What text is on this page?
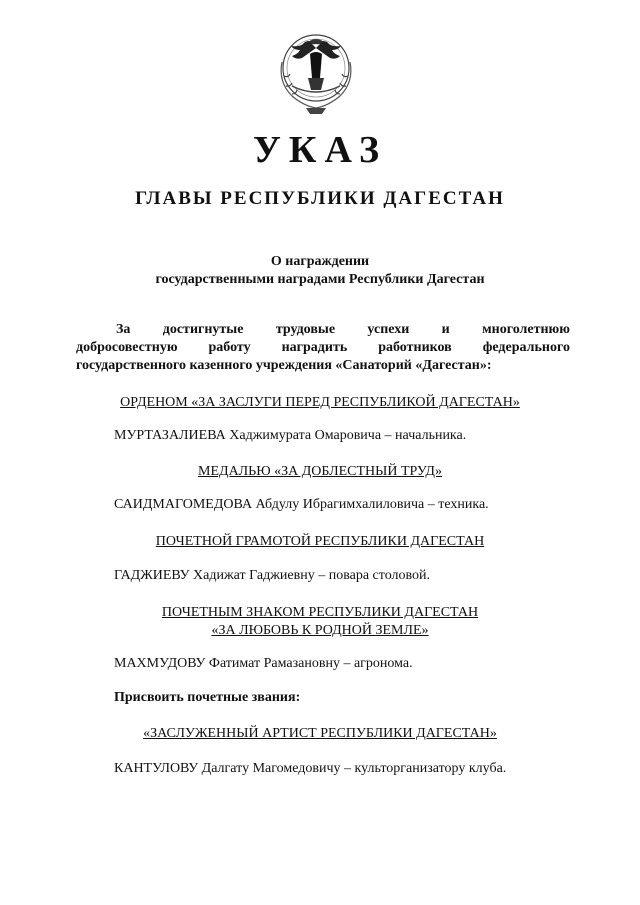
УКАЗ
ГЛАВЫ РЕСПУБЛИКИ ДАГЕСТАН
О награждении
государственными наградами Республики Дагестан
За достигнутые трудовые успехи и многолетнюю
добросовестную работу наградить работников федерального
государственного казенного учреждения «Санаторий «Дагестан»:
ОРДЕНОМ «ЗА ЗАСЛУГИ ПЕРЕД РЕСПУБЛИКОЙ ДАГЕСТАН»
МУРТАЗАЛИЕВА Хаджимурата Омаровича – начальника.
МЕДАЛЬЮ «ЗА ДОБЛЕСТНЫЙ ТРУД»
САИДМАГОМЕДОВА Абдулу Ибрагимхалиловича – техника.
ПОЧЕТНОЙ ГРАМОТОЙ РЕСПУБЛИКИ ДАГЕСТАН
ГАДЖИЕВУ Хадижат Гаджиевну – повара столовой.
ПОЧЕТНЫМ ЗНАКОМ РЕСПУБЛИКИ ДАГЕСТАН
«ЗА ЛЮБОВЬ К РОДНОЙ ЗЕМЛЕ»
МАХМУДОВУ Фатимат Рамазановну – агронома.
Присвоить почетные звания:
«ЗАСЛУЖЕННЫЙ АРТИСТ РЕСПУБЛИКИ ДАГЕСТАН»
КАНТУЛОВУ Далгату Магомедовичу – культорганизатору клуба.
